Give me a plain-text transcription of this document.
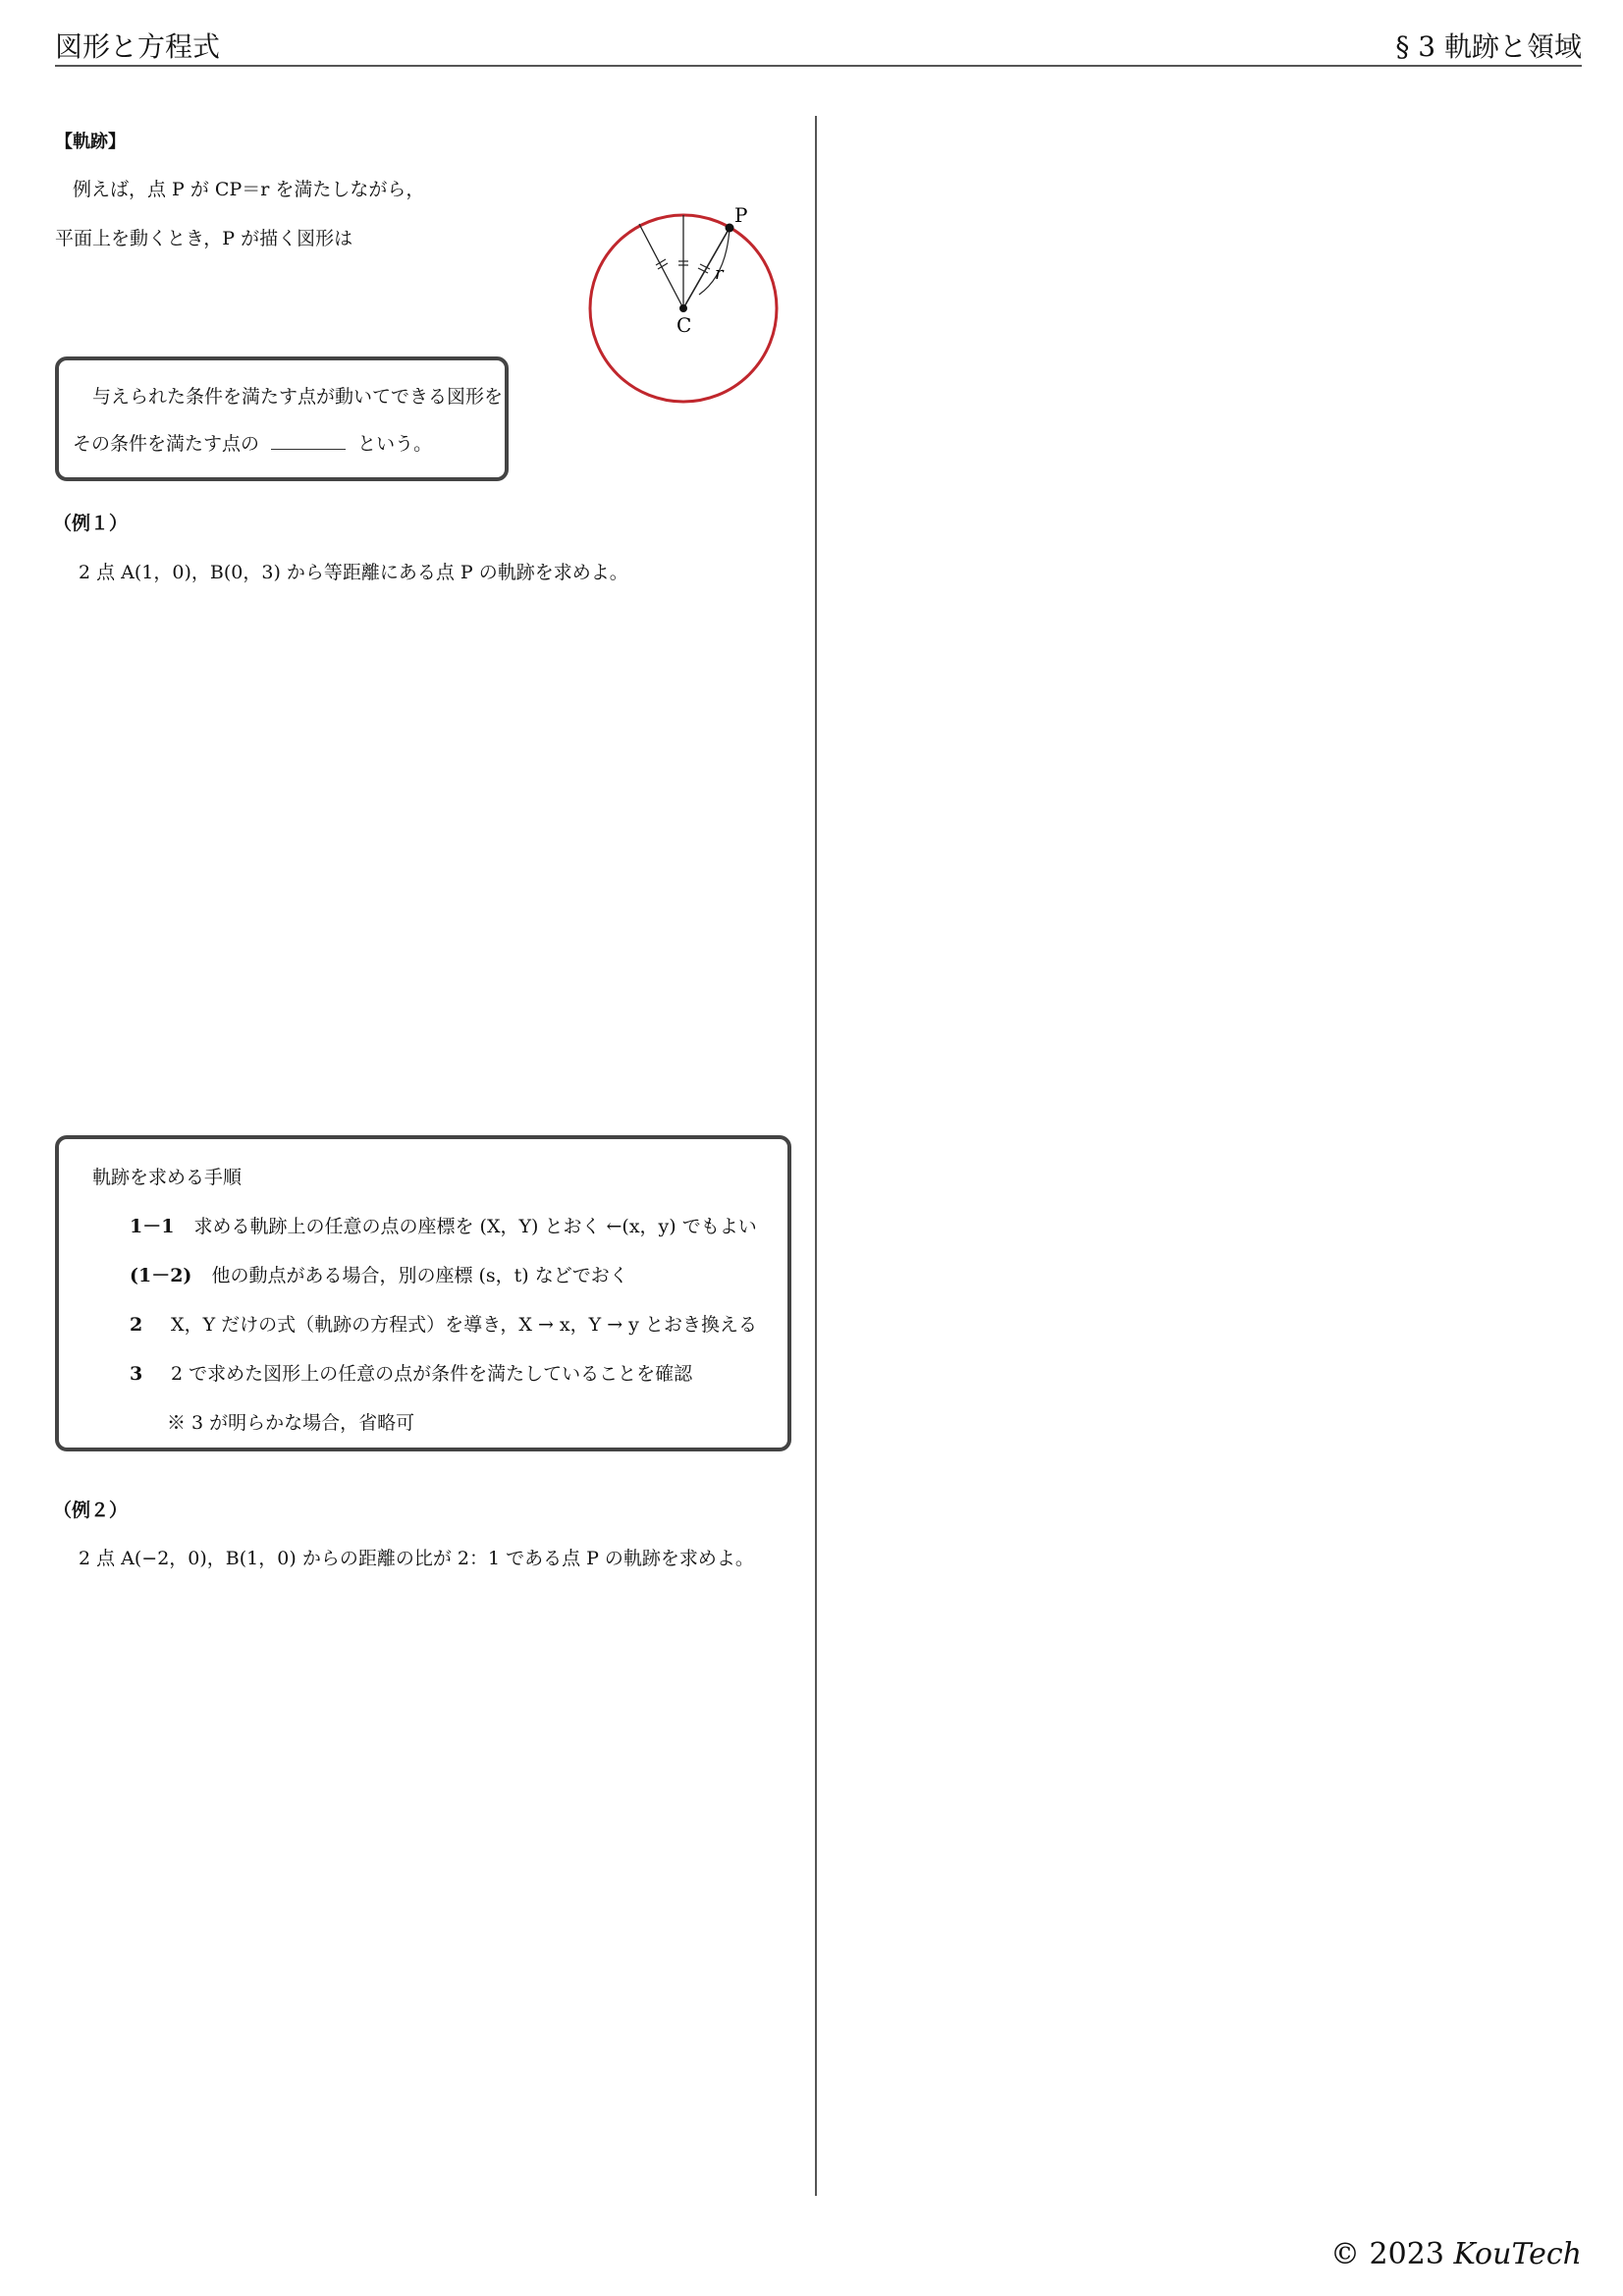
図形と方程式	§ 3 軌跡と領域
【軌跡】
例えば，点 P が CP＝r を満たしながら，
平面上を動くとき，P が描く図形は
P
C
r
与えられた条件を満たす点が動いてできる図形を
その条件を満たす点の	という。
（例１）
2 点 A(1，0)，B(0，3) から等距離にある点 P の軌跡を求めよ。
軌跡を求める手順
1－1 求める軌跡上の任意の点の座標を (X，Y) とおく ←(x，y) でもよい
(1－2) 他の動点がある場合，別の座標 (s，t) などでおく
2 X，Y だけの式（軌跡の方程式）を導き，X → x，Y → y とおき換える
3 2 で求めた図形上の任意の点が条件を満たしていることを確認
※ 3 が明らかな場合，省略可
（例２）
2 点 A(−2，0)，B(1，0) からの距離の比が 2：1 である点 P の軌跡を求めよ。
© 2023 KouTech
